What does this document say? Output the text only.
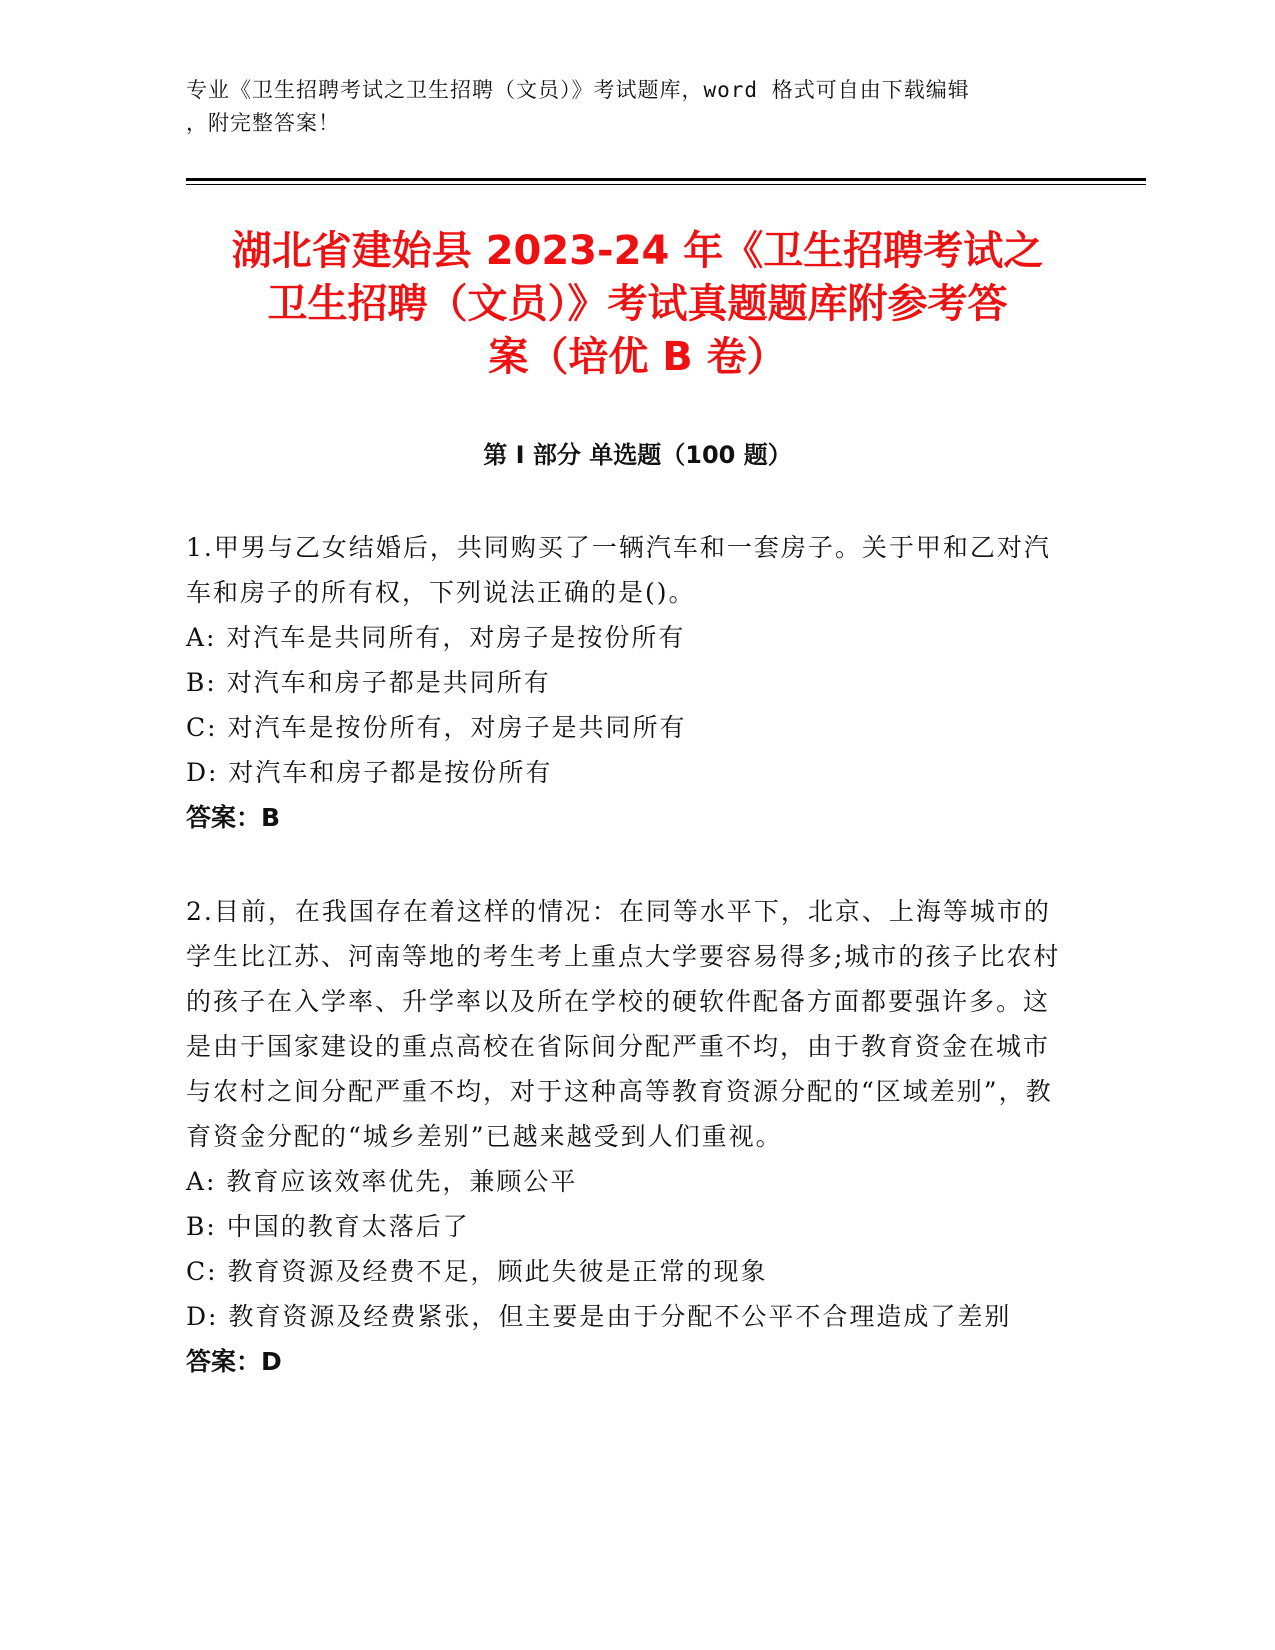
专业《卫生招聘考试之卫生招聘（文员）》考试题库，word 格式可自由下载编辑
，附完整答案！
湖北省建始县 2023-24 年《卫生招聘考试之
卫生招聘（文员）》考试真题题库附参考答
案（培优 B 卷）
第 I 部分 单选题（100 题）
1.甲男与乙女结婚后，共同购买了一辆汽车和一套房子。关于甲和乙对汽车和房子的所有权，下列说法正确的是()。
A: 对汽车是共同所有，对房子是按份所有
B: 对汽车和房子都是共同所有
C: 对汽车是按份所有，对房子是共同所有
D: 对汽车和房子都是按份所有
答案：B
2.目前，在我国存在着这样的情况：在同等水平下，北京、上海等城市的学生比江苏、河南等地的考生考上重点大学要容易得多;城市的孩子比农村的孩子在入学率、升学率以及所在学校的硬软件配备方面都要强许多。这是由于国家建设的重点高校在省际间分配严重不均，由于教育资金在城市与农村之间分配严重不均，对于这种高等教育资源分配的“区域差别”，教育资金分配的“城乡差别”已越来越受到人们重视。
A: 教育应该效率优先，兼顾公平
B: 中国的教育太落后了
C: 教育资源及经费不足，顾此失彼是正常的现象
D: 教育资源及经费紧张，但主要是由于分配不公平不合理造成了差别
答案：D
